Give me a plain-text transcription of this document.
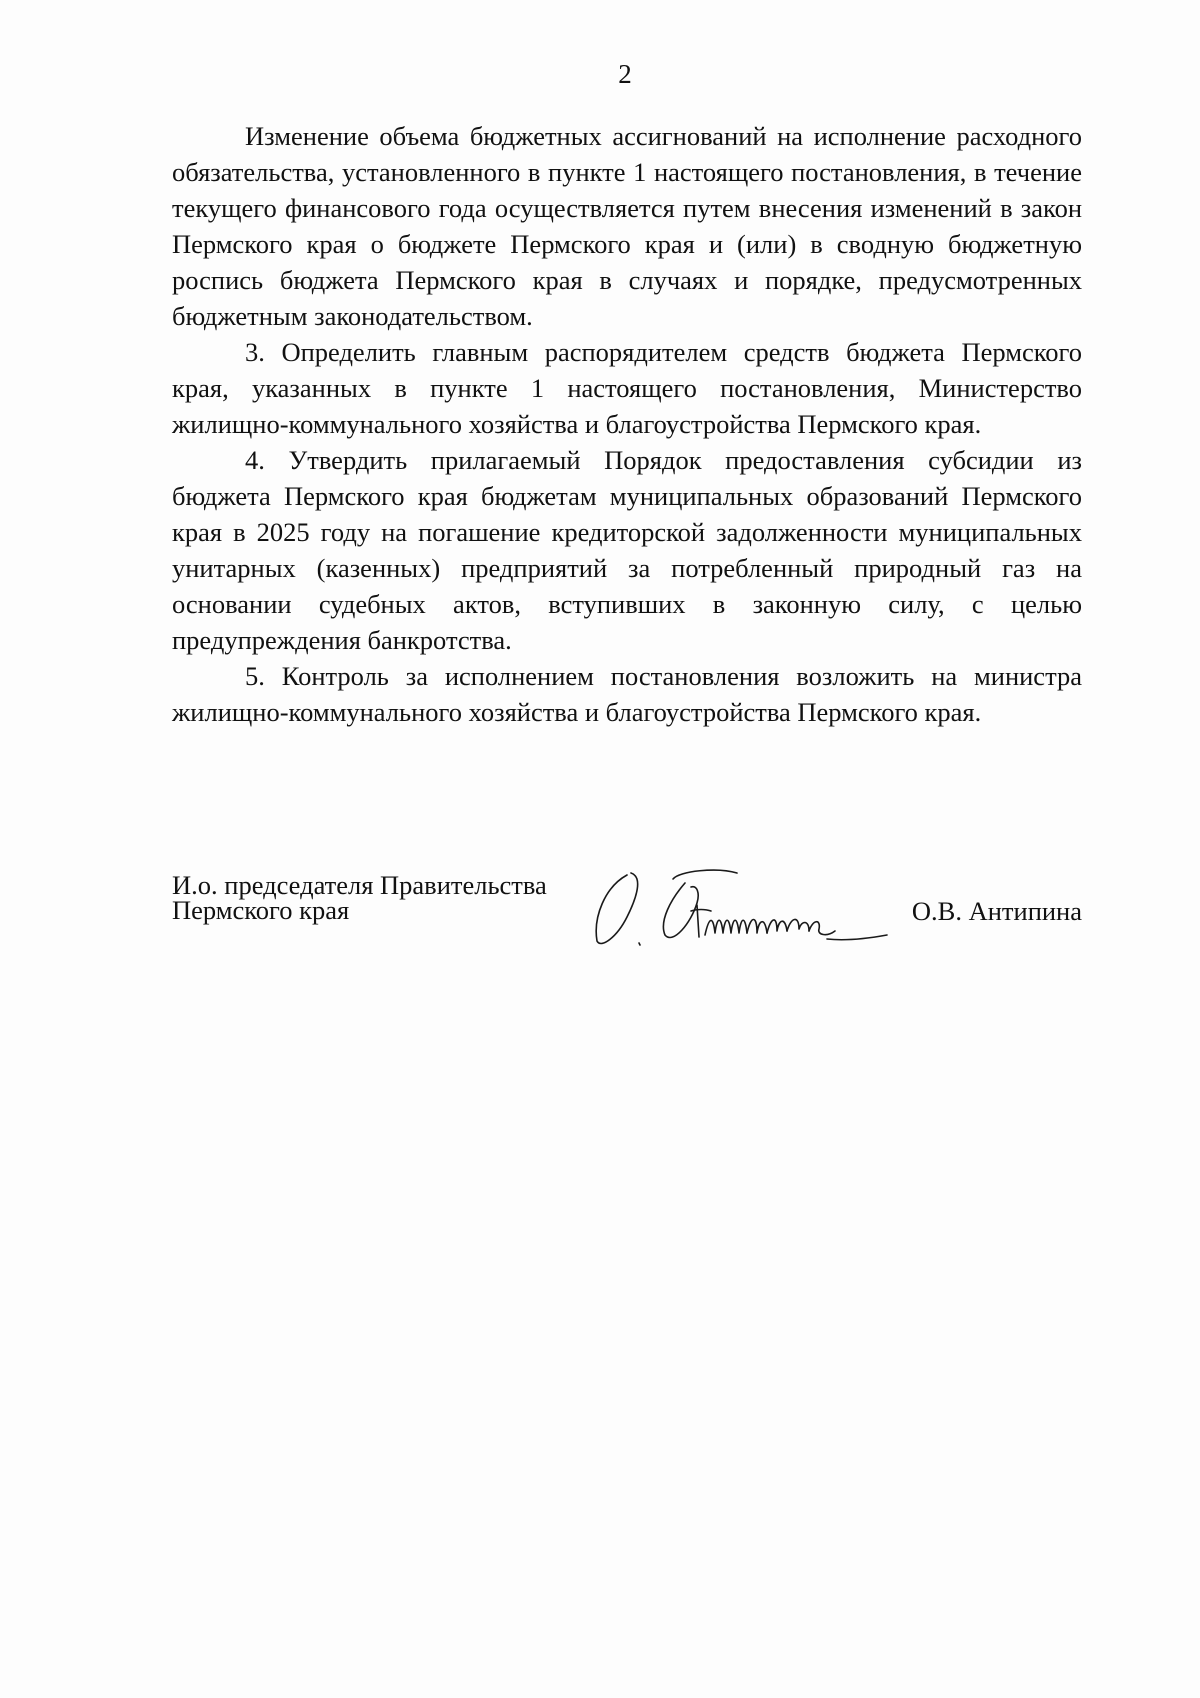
2

Изменение объема бюджетных ассигнований на исполнение расходного обязательства, установленного в пункте 1 настоящего постановления, в течение текущего финансового года осуществляется путем внесения изменений в закон Пермского края о бюджете Пермского края и (или) в сводную бюджетную роспись бюджета Пермского края в случаях и порядке, предусмотренных бюджетным законодательством.

3. Определить главным распорядителем средств бюджета Пермского края, указанных в пункте 1 настоящего постановления, Министерство жилищно-коммунального хозяйства и благоустройства Пермского края.

4. Утвердить прилагаемый Порядок предоставления субсидии из бюджета Пермского края бюджетам муниципальных образований Пермского края в 2025 году на погашение кредиторской задолженности муниципальных унитарных (казенных) предприятий за потребленный природный газ на основании судебных актов, вступивших в законную силу, с целью предупреждения банкротства.

5. Контроль за исполнением постановления возложить на министра жилищно-коммунального хозяйства и благоустройства Пермского края.

И.о. председателя Правительства
Пермского края	О.В. Антипина
